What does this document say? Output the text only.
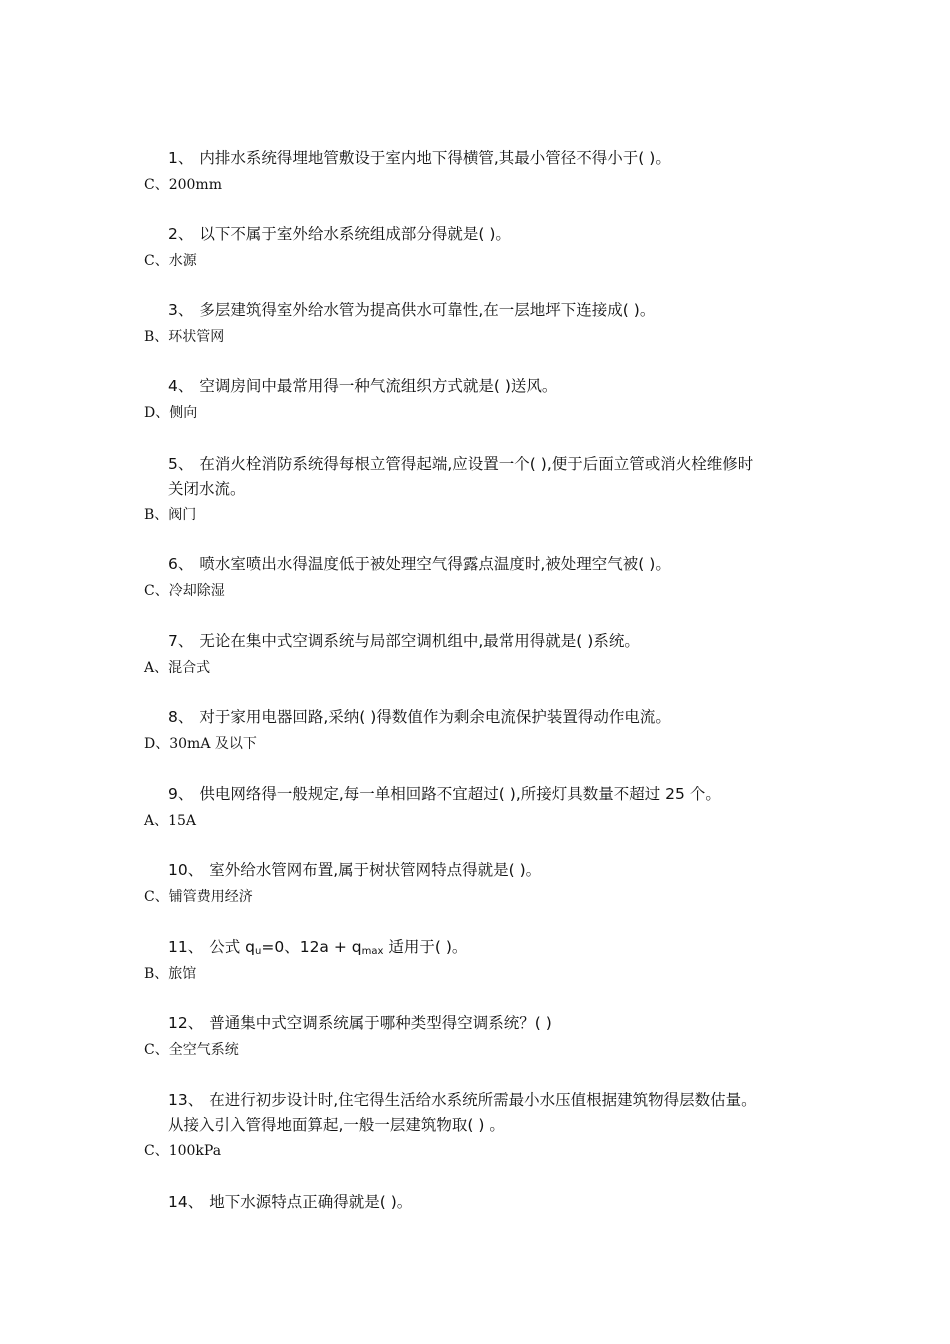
1、 内排水系统得埋地管敷设于室内地下得横管,其最小管径不得小于( )。
C、200mm
2、 以下不属于室外给水系统组成部分得就是( )。
C、水源
3、 多层建筑得室外给水管为提高供水可靠性,在一层地坪下连接成( )。
B、环状管网
4、 空调房间中最常用得一种气流组织方式就是( )送风。
D、侧向
5、 在消火栓消防系统得每根立管得起端,应设置一个( ),便于后面立管或消火栓维修时
关闭水流。
B、阀门
6、 喷水室喷出水得温度低于被处理空气得露点温度时,被处理空气被( )。
C、冷却除湿
7、 无论在集中式空调系统与局部空调机组中,最常用得就是( )系统。
A、混合式
8、 对于家用电器回路,采纳( )得数值作为剩余电流保护装置得动作电流。
D、30mA 及以下
9、 供电网络得一般规定,每一单相回路不宜超过( ),所接灯具数量不超过 25 个。
A、15A
10、 室外给水管网布置,属于树状管网特点得就是( )。
C、铺管费用经济
11、 公式 $q_u=0$、$12a + q_{max}$ 适用于( )。
B、旅馆
12、 普通集中式空调系统属于哪种类型得空调系统？( )
C、全空气系统
13、 在进行初步设计时,住宅得生活给水系统所需最小水压值根据建筑物得层数估量。
从接入引入管得地面算起,一般一层建筑物取( ) 。
C、100kPa
14、 地下水源特点正确得就是( )。
